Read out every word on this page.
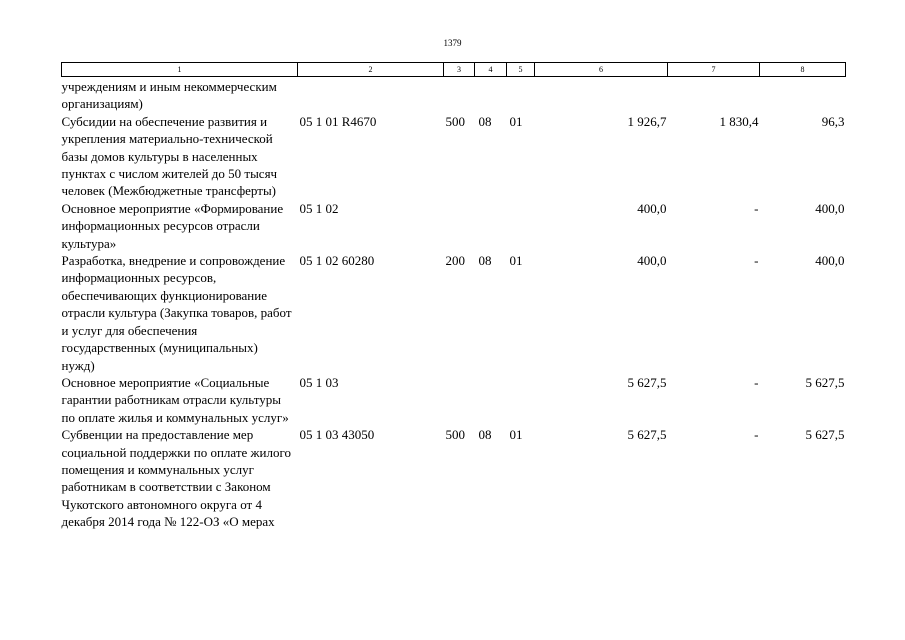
1379
1	2	3	4	5	6	7	8
учреждениям и иным некоммерческим организациям)							
Субсидии на обеспечение развития и укрепления материально-технической базы домов культуры в населенных пунктах с числом жителей до 50 тысяч человек (Межбюджетные трансферты)	05 1 01 R4670	500	08	01	1 926,7	1 830,4	96,3
Основное мероприятие «Формирование информационных ресурсов отрасли культура»	05 1 02				400,0	-	400,0
Разработка, внедрение и сопровождение информационных ресурсов, обеспечивающих функционирование отрасли культура (Закупка товаров, работ и услуг для обеспечения государственных (муниципальных) нужд)	05 1 02 60280	200	08	01	400,0	-	400,0
Основное мероприятие «Социальные гарантии работникам отрасли культуры по оплате жилья и коммунальных услуг»	05 1 03				5 627,5	-	5 627,5
Субвенции на предоставление мер социальной поддержки по оплате жилого помещения и коммунальных услуг работникам в соответствии с Законом Чукотского автономного округа от 4 декабря 2014 года № 122-ОЗ «О мерах	05 1 03 43050	500	08	01	5 627,5	-	5 627,5
